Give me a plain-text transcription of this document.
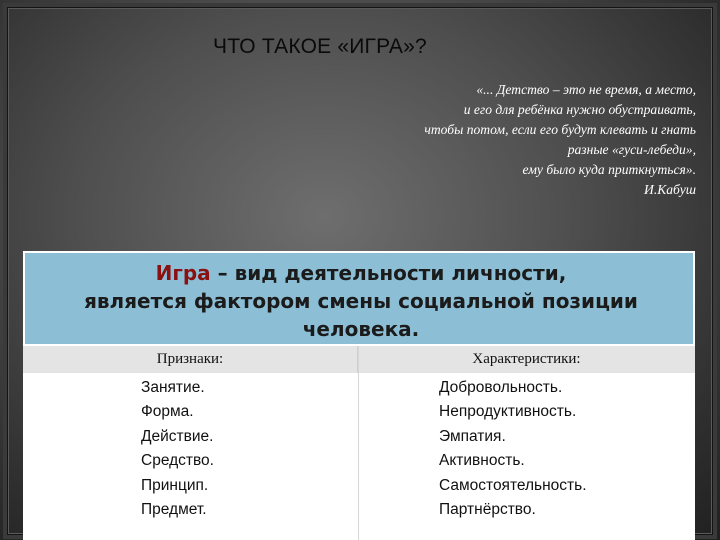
ЧТО ТАКОЕ «ИГРА»?
«... Детство – это не время, а место,
и его для ребёнка нужно обустраивать,
чтобы потом, если его будут клевать и гнать
разные «гуси-лебеди»,
ему было куда приткнуться».
И.Кабуш
Игра – вид деятельности личности,
является фактором смены социальной позиции
человека.
Признаки:	Характеристики:
Занятие.
Форма.
Действие.
Средство.
Принцип.
Предмет.
Добровольность.
Непродуктивность.
Эмпатия.
Активность.
Самостоятельность.
Партнёрство.
